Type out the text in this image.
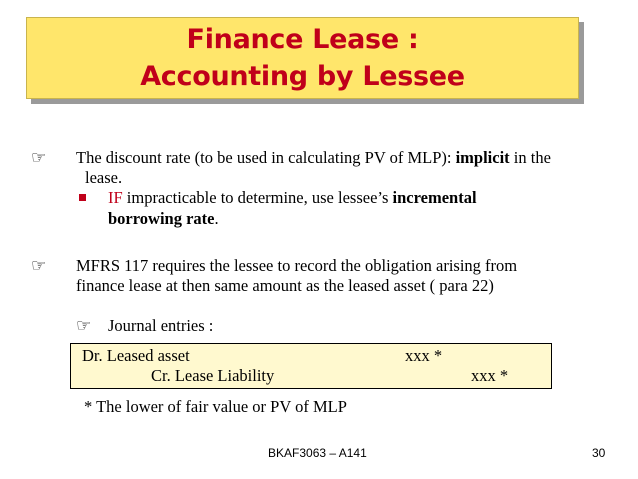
Finance Lease :
Accounting by Lessee
☞ The discount rate (to be used in calculating PV of MLP): implicit in the
lease.
IF impracticable to determine, use lessee’s incremental
borrowing rate.
☞ MFRS 117 requires the lessee to record the obligation arising from
finance lease at then same amount as the leased asset ( para 22)
☞ Journal entries :
Dr. Leased asset	xxx *
Cr. Lease Liability	xxx *
* The lower of fair value or PV of MLP
BKAF3063 – A141	30
